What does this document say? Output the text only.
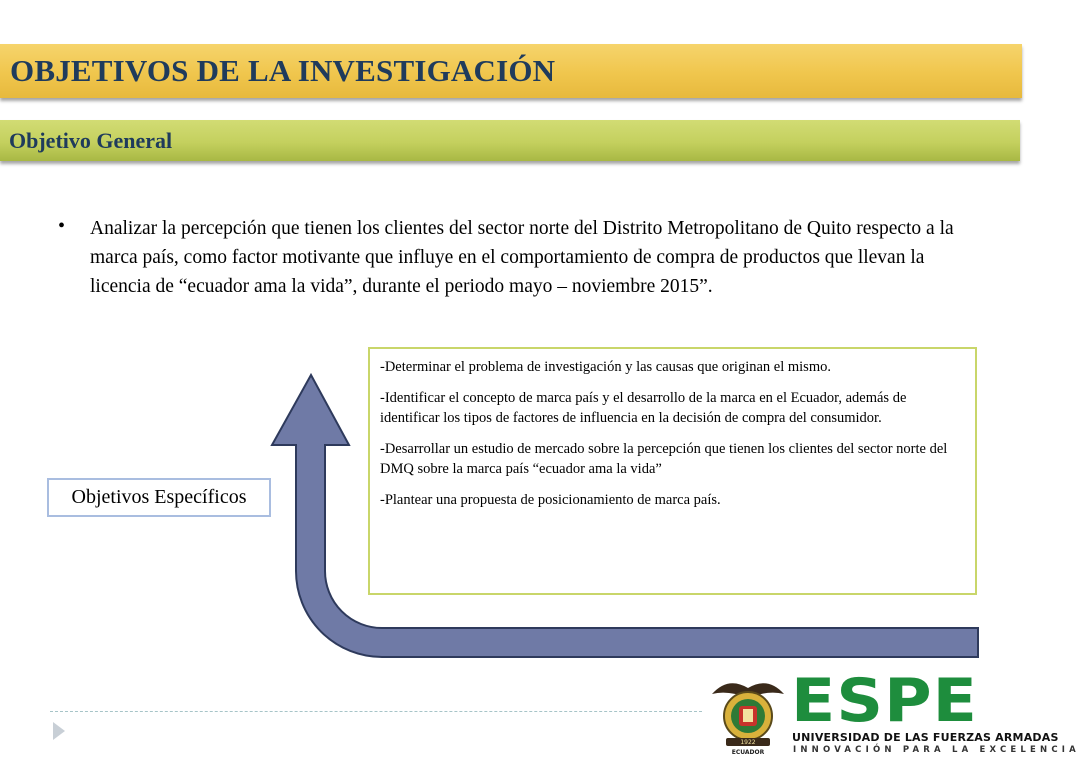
OBJETIVOS DE LA INVESTIGACIÓN
Objetivo General
• Analizar la percepción que tienen los clientes del sector norte del Distrito Metropolitano de Quito respecto a la marca país, como factor motivante que influye en el comportamiento de compra de productos que llevan la licencia de “ecuador ama la vida”, durante el periodo mayo – noviembre 2015”.

-Determinar el problema de investigación y las causas que originan el mismo.

-Identificar el concepto de marca país y el desarrollo de la marca en el Ecuador, además de identificar los tipos de factores de influencia en la decisión de compra del consumidor.

-Desarrollar un estudio de mercado sobre la percepción que tienen los clientes del sector norte del DMQ sobre la marca país “ecuador ama la vida”

-Plantear una propuesta de posicionamiento de marca país.

Objetivos Específicos
1922
ECUADOR
ESPE
UNIVERSIDAD DE LAS FUERZAS ARMADAS
INNOVACIÓN PARA LA EXCELENCIA
